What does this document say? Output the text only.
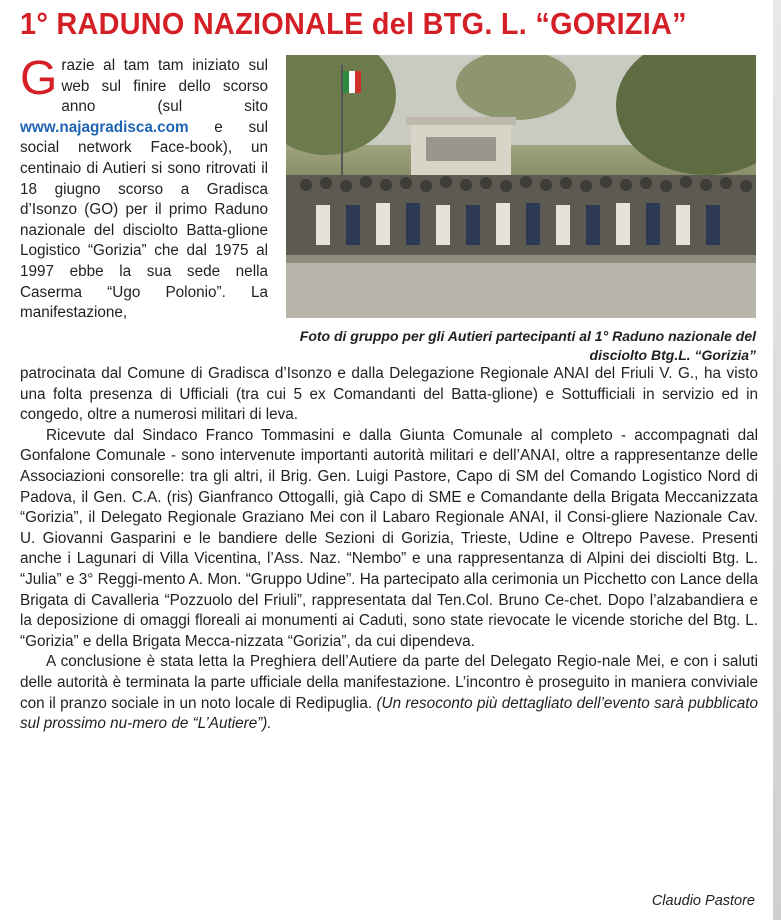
1° RADUNO NAZIONALE del BTG. L. “GORIZIA”
Grazie al tam tam iniziato sul web sul finire dello scorso anno (sul sito www.najagradisca.com e sul social network Face-book), un centinaio di Autieri si sono ritrovati il 18 giugno scorso a Gradisca d’Isonzo (GO) per il primo Raduno nazionale del disciolto Batta-glione Logistico “Gorizia” che dal 1975 al 1997 ebbe la sua sede nella Caserma “Ugo Polonio”. La manifestazione,
Foto di gruppo per gli Autieri partecipanti al 1° Raduno nazionale del disciolto Btg.L. “Gorizia”

patrocinata dal Comune di Gradisca d’Isonzo e dalla Delegazione Regionale ANAI del Friuli V. G., ha visto una folta presenza di Ufficiali (tra cui 5 ex Comandanti del Batta-glione) e Sottufficiali in servizio ed in congedo, oltre a numerosi militari di leva.

Ricevute dal Sindaco Franco Tommasini e dalla Giunta Comunale al completo - accompagnati dal Gonfalone Comunale - sono intervenute importanti autorità militari e dell’ANAI, oltre a rappresentanze delle Associazioni consorelle: tra gli altri, il Brig. Gen. Luigi Pastore, Capo di SM del Comando Logistico Nord di Padova, il Gen. C.A. (ris) Gianfranco Ottogalli, già Capo di SME e Comandante della Brigata Meccanizzata “Gorizia”, il Delegato Regionale Graziano Mei con il Labaro Regionale ANAI, il Consi-gliere Nazionale Cav. U. Giovanni Gasparini e le bandiere delle Sezioni di Gorizia, Trieste, Udine e Oltrepo Pavese. Presenti anche i Lagunari di Villa Vicentina, l’Ass. Naz. “Nembo” e una rappresentanza di Alpini dei disciolti Btg. L. “Julia” e 3° Reggi-mento A. Mon. “Gruppo Udine”. Ha partecipato alla cerimonia un Picchetto con Lance della Brigata di Cavalleria “Pozzuolo del Friuli”, rappresentata dal Ten.Col. Bruno Ce-chet. Dopo l’alzabandiera e la deposizione di omaggi floreali ai monumenti ai Caduti, sono state rievocate le vicende storiche del Btg. L. “Gorizia” e della Brigata Mecca-nizzata “Gorizia”, da cui dipendeva.

A conclusione è stata letta la Preghiera dell’Autiere da parte del Delegato Regio-nale Mei, e con i saluti delle autorità è terminata la parte ufficiale della manifestazione. L’incontro è proseguito in maniera conviviale con il pranzo sociale in un noto locale di Redipuglia. (Un resoconto più dettagliato dell’evento sarà pubblicato sul prossimo nu-mero de “L’Autiere”).

Claudio Pastore
